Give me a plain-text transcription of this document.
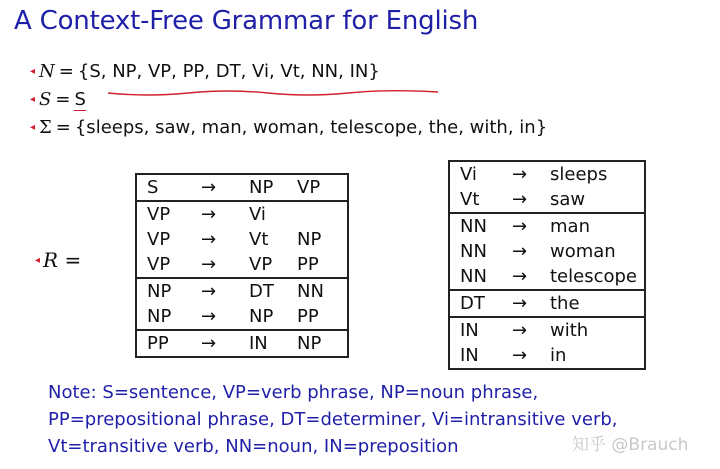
A Context-Free Grammar for English
◂ N = {S, NP, VP, PP, DT, Vi, Vt, NN, IN}
◂ S = S
◂ Σ = {sleeps, saw, man, woman, telescope, the, with, in}
◂ R =
S	→	NP	VP
VP	→	Vi	
VP	→	Vt	NP
VP	→	VP	PP
NP	→	DT	NN
NP	→	NP	PP
PP	→	IN	NP
Vi	→	sleeps
Vt	→	saw
NN	→	man
NN	→	woman
NN	→	telescope
DT	→	the
IN	→	with
IN	→	in
Note: S=sentence, VP=verb phrase, NP=noun phrase,
PP=prepositional phrase, DT=determiner, Vi=intransitive verb,
Vt=transitive verb, NN=noun, IN=preposition	知乎 @Brauch
